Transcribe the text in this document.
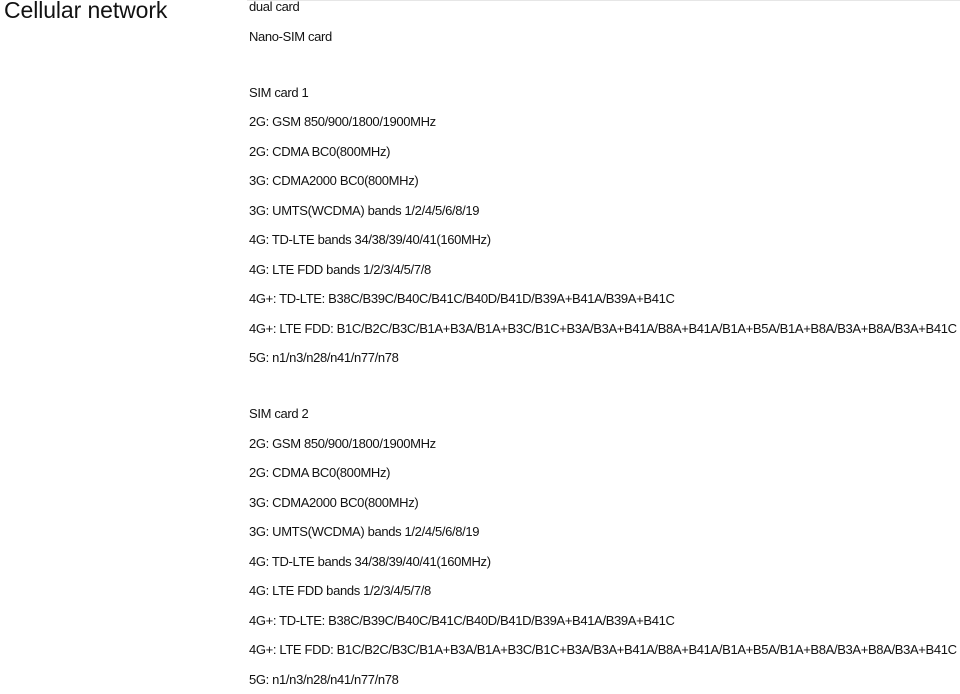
Cellular network	dual card
Nano-SIM card
SIM card 1
2G: GSM 850/900/1800/1900MHz
2G: CDMA BC0(800MHz)
3G: CDMA2000 BC0(800MHz)
3G: UMTS(WCDMA) bands 1/2/4/5/6/8/19
4G: TD-LTE bands 34/38/39/40/41(160MHz)
4G: LTE FDD bands 1/2/3/4/5/7/8
4G+: TD-LTE: B38C/B39C/B40C/B41C/B40D/B41D/B39A+B41A/B39A+B41C
4G+: LTE FDD: B1C/B2C/B3C/B1A+B3A/B1A+B3C/B1C+B3A/B3A+B41A/B8A+B41A/B1A+B5A/B1A+B8A/B3A+B8A/B3A+B41C
5G: n1/n3/n28/n41/n77/n78
SIM card 2
2G: GSM 850/900/1800/1900MHz
2G: CDMA BC0(800MHz)
3G: CDMA2000 BC0(800MHz)
3G: UMTS(WCDMA) bands 1/2/4/5/6/8/19
4G: TD-LTE bands 34/38/39/40/41(160MHz)
4G: LTE FDD bands 1/2/3/4/5/7/8
4G+: TD-LTE: B38C/B39C/B40C/B41C/B40D/B41D/B39A+B41A/B39A+B41C
4G+: LTE FDD: B1C/B2C/B3C/B1A+B3A/B1A+B3C/B1C+B3A/B3A+B41A/B8A+B41A/B1A+B5A/B1A+B8A/B3A+B8A/B3A+B41C
5G: n1/n3/n28/n41/n77/n78
